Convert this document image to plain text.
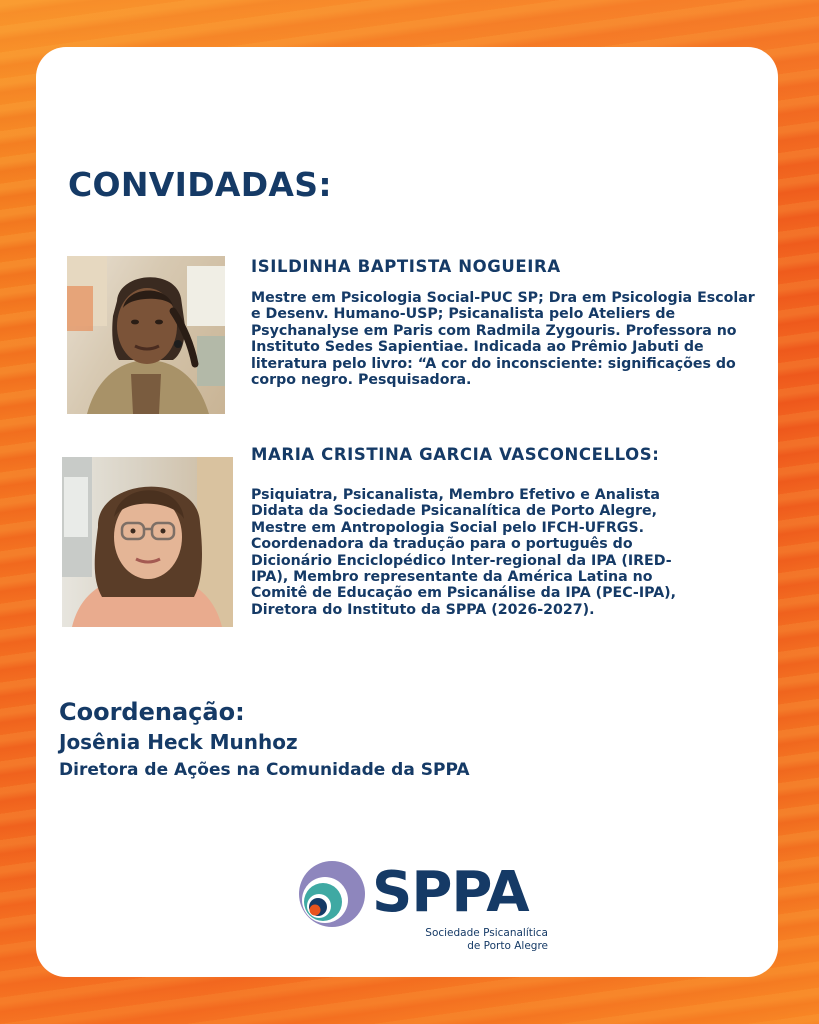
CONVIDADAS:
ISILDINHA BAPTISTA NOGUEIRA

Mestre em Psicologia Social-PUC SP; Dra em Psicologia Escolar
e Desenv. Humano-USP; Psicanalista pelo Ateliers de
Psychanalyse em Paris com Radmila Zygouris. Professora no
Instituto Sedes Sapientiae. Indicada ao Prêmio Jabuti de
literatura pelo livro: “A cor do inconsciente: significações do
corpo negro. Pesquisadora.

MARIA CRISTINA GARCIA VASCONCELLOS:

Psiquiatra, Psicanalista, Membro Efetivo e Analista
Didata da Sociedade Psicanalítica de Porto Alegre,
Mestre em Antropologia Social pelo IFCH-UFRGS.
Coordenadora da tradução para o português do
Dicionário Enciclopédico Inter-regional da IPA (IRED-
IPA), Membro representante da América Latina no
Comitê de Educação em Psicanálise da IPA (PEC-IPA),
Diretora do Instituto da SPPA (2026-2027).

Coordenação:

Josênia Heck Munhoz

Diretora de Ações na Comunidade da SPPA

SPPA

Sociedade Psicanalítica
de Porto Alegre
